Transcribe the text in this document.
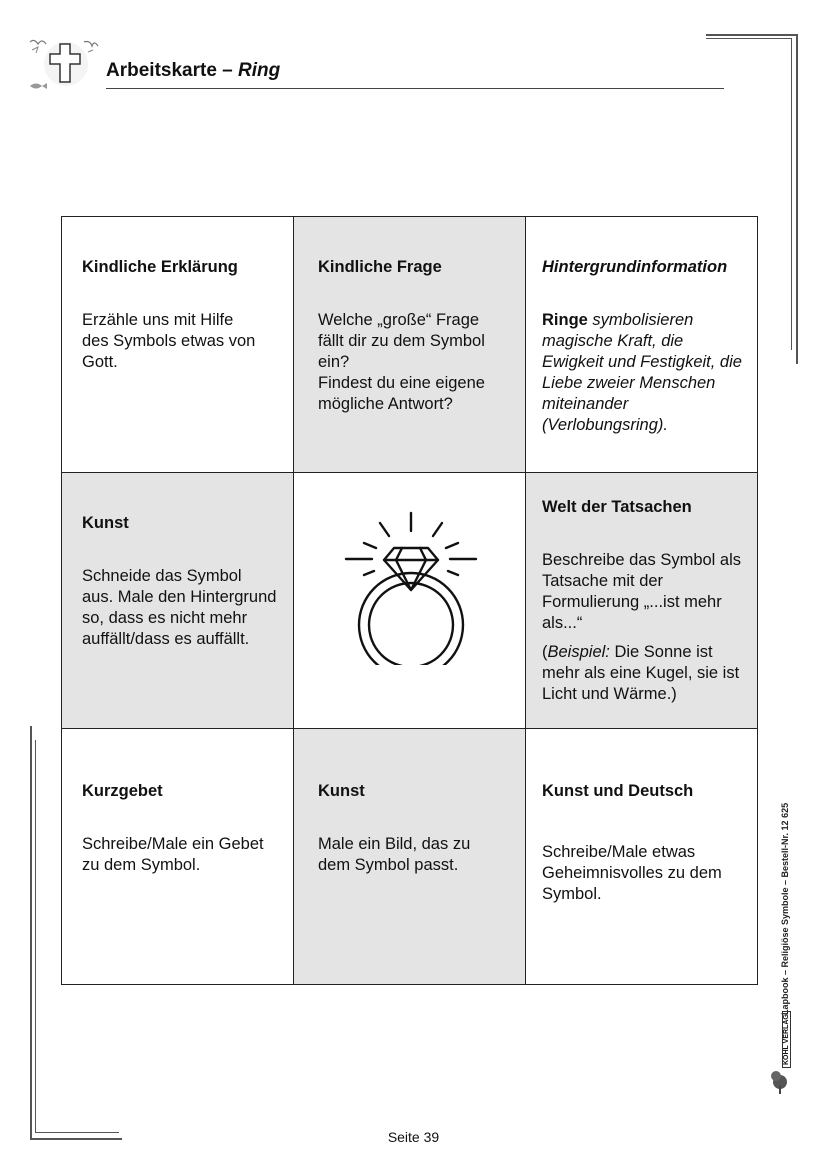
Arbeitskarte – Ring
Kindliche Erklärung
Erzähle uns mit Hilfe des Symbols etwas von Gott.
Kindliche Frage
Welche „große“ Frage fällt dir zu dem Symbol ein?
Findest du eine eigene mögliche Antwort?
Hintergrundinformation
Ringe symbolisieren magische Kraft, die Ewigkeit und Festigkeit, die Liebe zweier Menschen miteinander (Verlobungsring).
Kunst
Schneide das Symbol aus. Male den Hintergrund so, dass es nicht mehr auffällt/dass es auffällt.
Welt der Tatsachen
Beschreibe das Symbol als Tatsache mit der Formulierung „...ist mehr als...“
(Beispiel: Die Sonne ist mehr als eine Kugel, sie ist Licht und Wärme.)
Kurzgebet
Schreibe/Male ein Gebet zu dem Symbol.
Kunst
Male ein Bild, das zu dem Symbol passt.
Kunst und Deutsch
Schreibe/Male etwas Geheimnisvolles zu dem Symbol.	Lapbook – Religiöse Symbole – Bestell-Nr. 12 625
KOHL VERLAG
Seite 39
